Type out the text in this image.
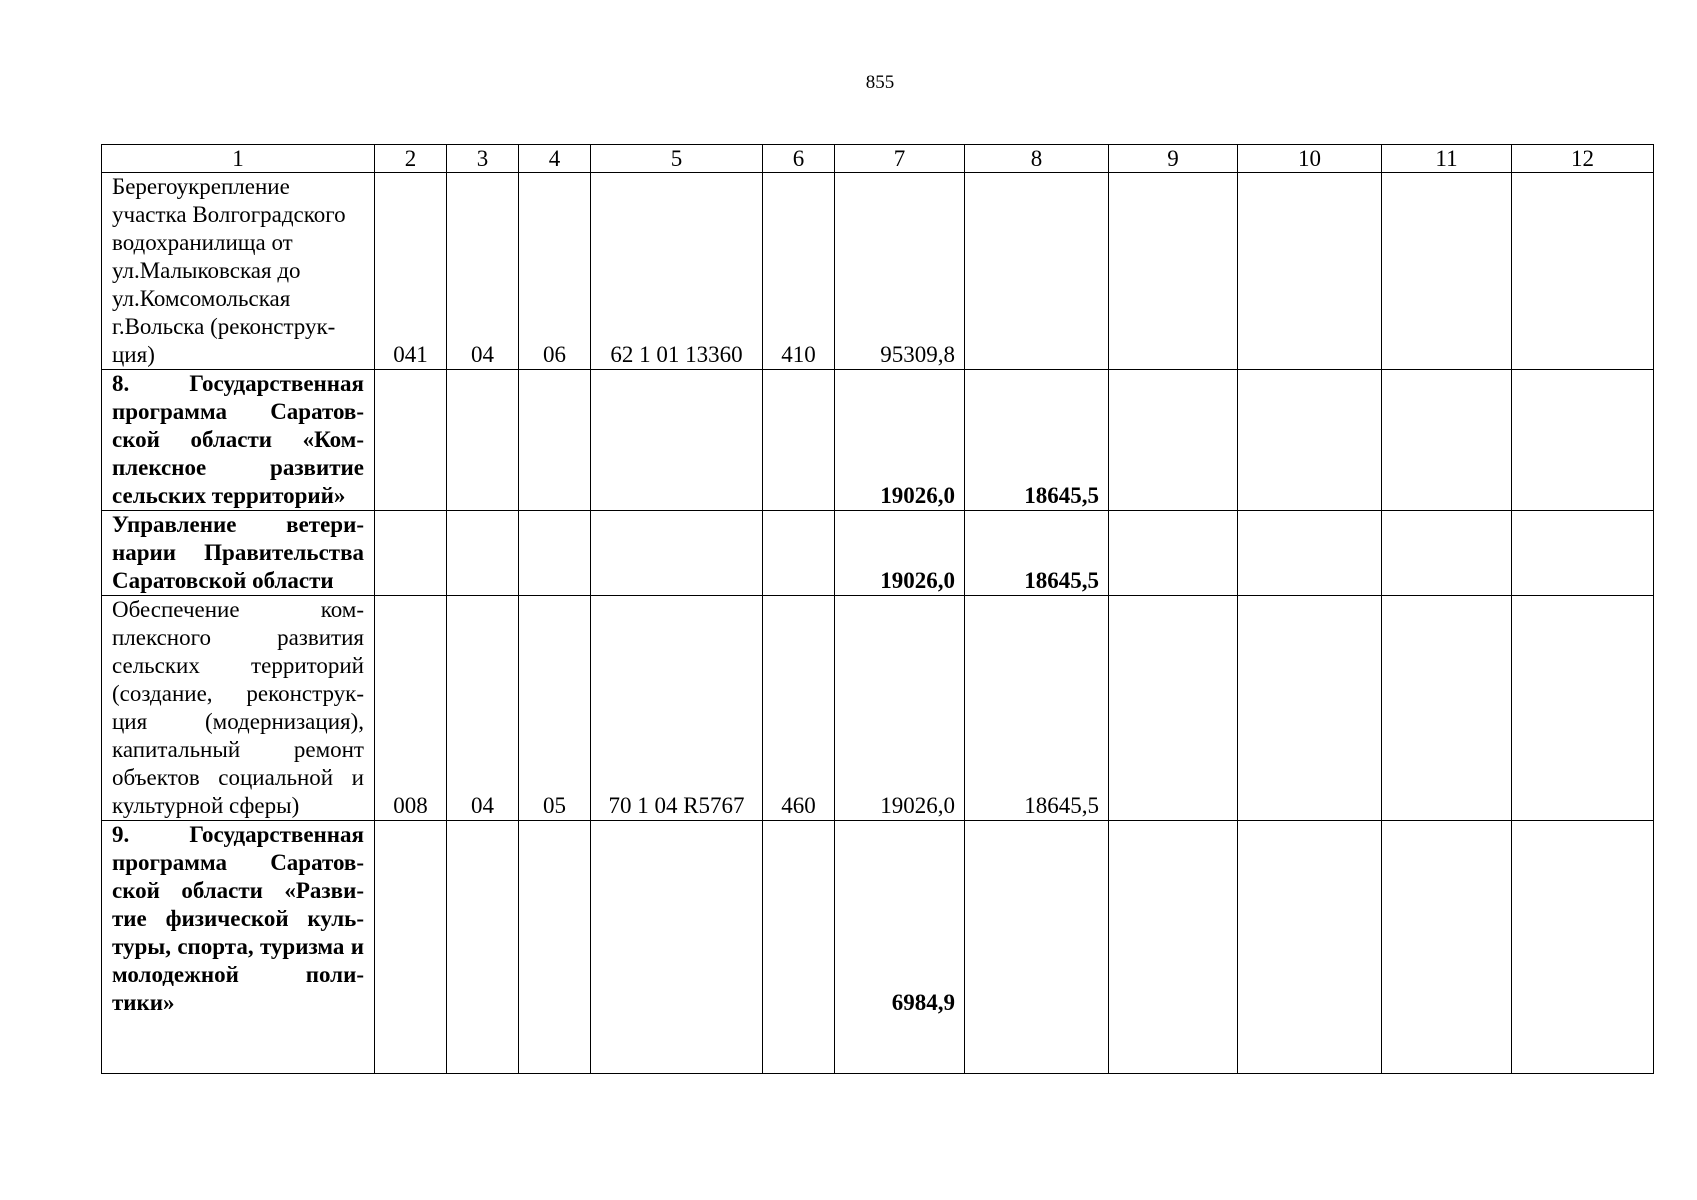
855
1	2	3	4	5	6	7	8	9	10	11	12
Берегоукрепление участка Волгоградского водохранилища от ул.Малыковская до ул.Комсомольская г.Вольска (реконструк-ция)	041	04	06	62 1 01 13360	410	95309,8					
8. Государственная программа Саратов-ской области «Ком-плексное развитие сельских территорий»						19026,0	18645,5				
Управление ветери-нарии Правительства Саратовской области						19026,0	18645,5				
Обеспечение ком-плексного развития сельских территорий (создание, реконструк-ция (модернизация), капитальный ремонт объектов социальной и культурной сферы)	008	04	05	70 1 04 R5767	460	19026,0	18645,5				
9. Государственная программа Саратов-ской области «Разви-тие физической куль-туры, спорта, туризма и молодежной поли-тики»						6984,9					
